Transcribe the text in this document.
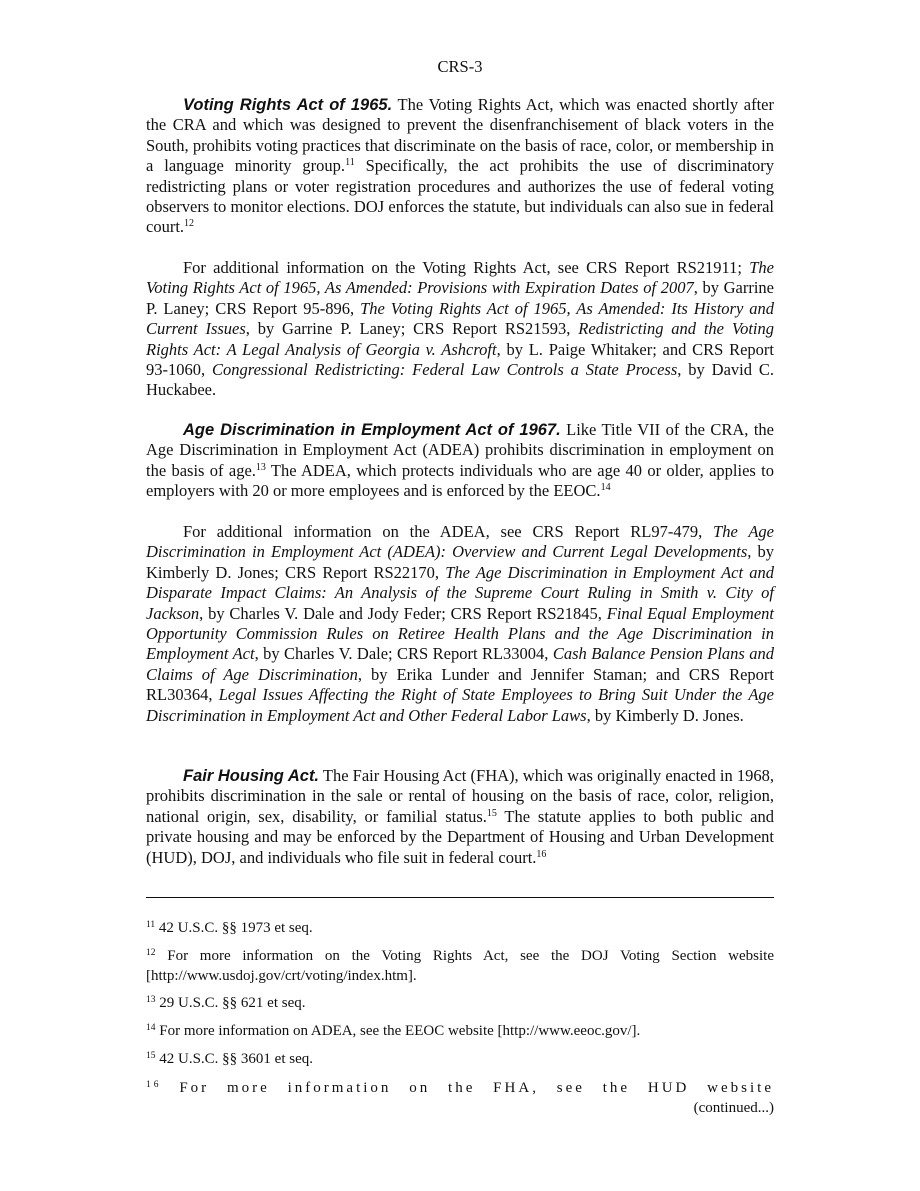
CRS-3

Voting Rights Act of 1965. The Voting Rights Act, which was enacted shortly after the CRA and which was designed to prevent the disenfranchisement of black voters in the South, prohibits voting practices that discriminate on the basis of race, color, or membership in a language minority group.$^{11}$ Specifically, the act prohibits the use of discriminatory redistricting plans or voter registration procedures and authorizes the use of federal voting observers to monitor elections. DOJ enforces the statute, but individuals can also sue in federal court.$^{12}$

For additional information on the Voting Rights Act, see CRS Report RS21911; The Voting Rights Act of 1965, As Amended: Provisions with Expiration Dates of 2007, by Garrine P. Laney; CRS Report 95-896, The Voting Rights Act of 1965, As Amended: Its History and Current Issues, by Garrine P. Laney; CRS Report RS21593, Redistricting and the Voting Rights Act: A Legal Analysis of Georgia v. Ashcroft, by L. Paige Whitaker; and CRS Report 93-1060, Congressional Redistricting: Federal Law Controls a State Process, by David C. Huckabee.

Age Discrimination in Employment Act of 1967. Like Title VII of the CRA, the Age Discrimination in Employment Act (ADEA) prohibits discrimination in employment on the basis of age.$^{13}$ The ADEA, which protects individuals who are age 40 or older, applies to employers with 20 or more employees and is enforced by the EEOC.$^{14}$

For additional information on the ADEA, see CRS Report RL97-479, The Age Discrimination in Employment Act (ADEA): Overview and Current Legal Developments, by Kimberly D. Jones; CRS Report RS22170, The Age Discrimination in Employment Act and Disparate Impact Claims: An Analysis of the Supreme Court Ruling in Smith v. City of Jackson, by Charles V. Dale and Jody Feder; CRS Report RS21845, Final Equal Employment Opportunity Commission Rules on Retiree Health Plans and the Age Discrimination in Employment Act, by Charles V. Dale; CRS Report RL33004, Cash Balance Pension Plans and Claims of Age Discrimination, by Erika Lunder and Jennifer Staman; and CRS Report RL30364, Legal Issues Affecting the Right of State Employees to Bring Suit Under the Age Discrimination in Employment Act and Other Federal Labor Laws, by Kimberly D. Jones.

Fair Housing Act. The Fair Housing Act (FHA), which was originally enacted in 1968, prohibits discrimination in the sale or rental of housing on the basis of race, color, religion, national origin, sex, disability, or familial status.$^{15}$ The statute applies to both public and private housing and may be enforced by the Department of Housing and Urban Development (HUD), DOJ, and individuals who file suit in federal court.$^{16}$

$^{11}$ 42 U.S.C. §§ 1973 et seq.

$^{12}$ For more information on the Voting Rights Act, see the DOJ Voting Section website [http://www.usdoj.gov/crt/voting/index.htm].

$^{13}$ 29 U.S.C. §§ 621 et seq.

$^{14}$ For more information on ADEA, see the EEOC website [http://www.eeoc.gov/].

$^{15}$ 42 U.S.C. §§ 3601 et seq.

$^{16}$ For more information on the FHA, see the HUD website

(continued...)
